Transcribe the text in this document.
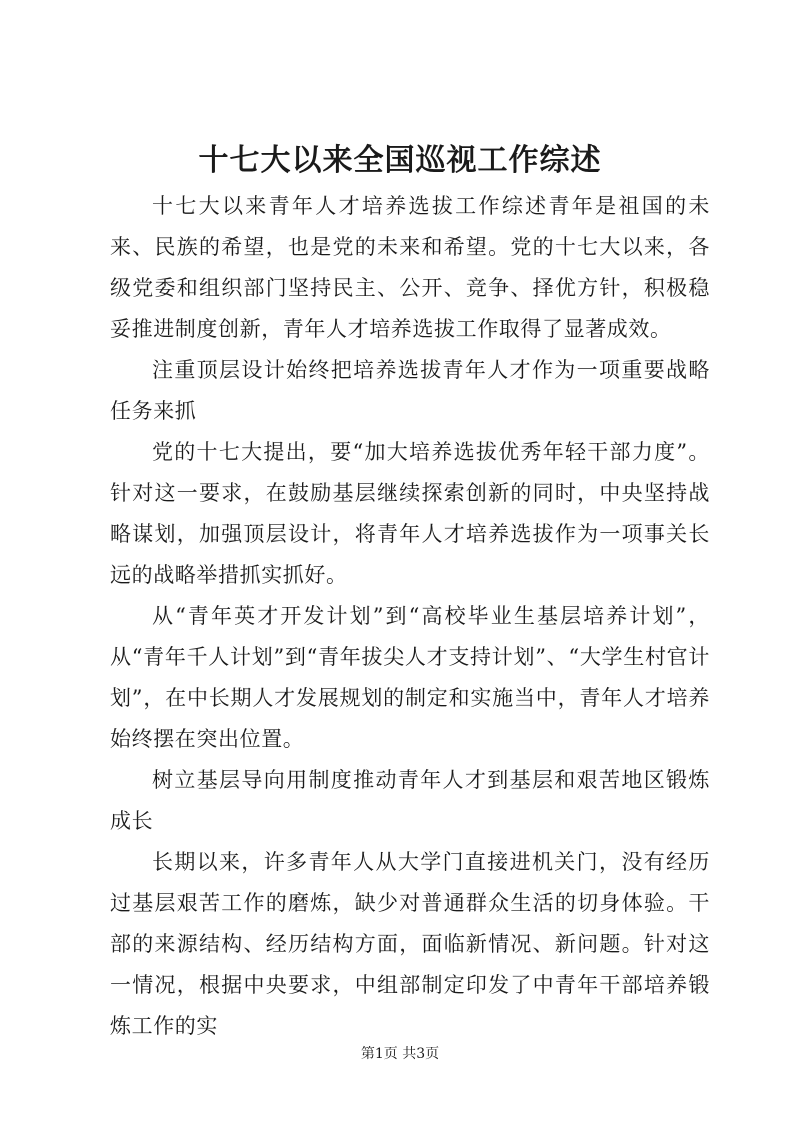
十七大以来全国巡视工作综述

十七大以来青年人才培养选拔工作综述青年是祖国的未来、民族的希望，也是党的未来和希望。党的十七大以来，各级党委和组织部门坚持民主、公开、竞争、择优方针，积极稳妥推进制度创新，青年人才培养选拔工作取得了显著成效。

注重顶层设计始终把培养选拔青年人才作为一项重要战略任务来抓

党的十七大提出，要“加大培养选拔优秀年轻干部力度”。针对这一要求，在鼓励基层继续探索创新的同时，中央坚持战略谋划，加强顶层设计，将青年人才培养选拔作为一项事关长远的战略举措抓实抓好。

从“青年英才开发计划”到“高校毕业生基层培养计划”，从“青年千人计划”到“青年拔尖人才支持计划”、“大学生村官计划”，在中长期人才发展规划的制定和实施当中，青年人才培养始终摆在突出位置。

树立基层导向用制度推动青年人才到基层和艰苦地区锻炼成长

长期以来，许多青年人从大学门直接进机关门，没有经历过基层艰苦工作的磨炼，缺少对普通群众生活的切身体验。干部的来源结构、经历结构方面，面临新情况、新问题。针对这一情况，根据中央要求，中组部制定印发了中青年干部培养锻炼工作的实

第1页 共3页
